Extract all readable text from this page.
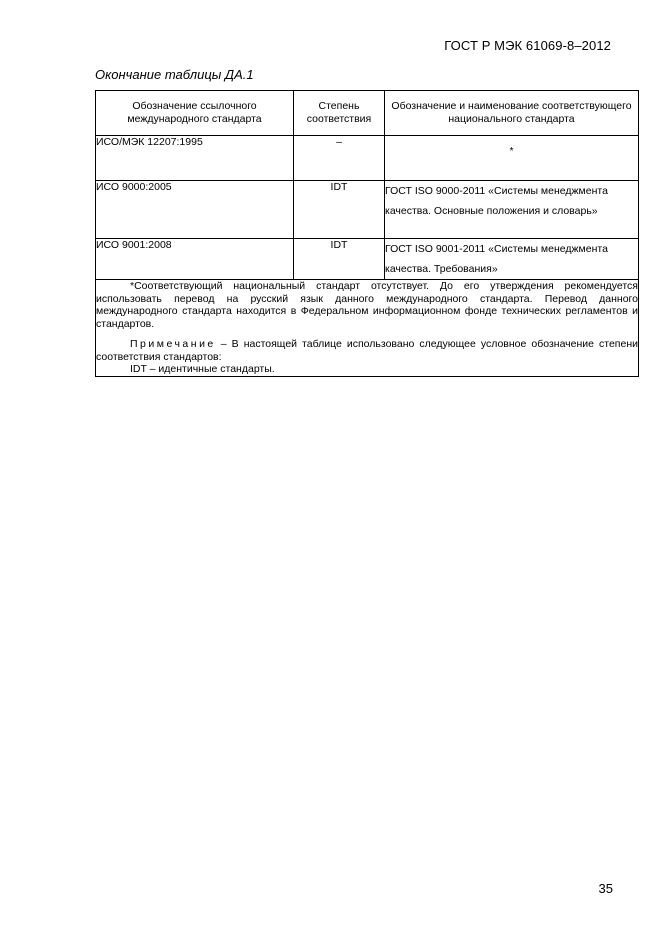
ГОСТ Р МЭК 61069-8–2012
Окончание таблицы ДА.1
Обозначение ссылочного международного стандарта	Степень соответствия	Обозначение и наименование соответствующего национального стандарта
ИСО/МЭК 12207:1995	–	*
ИСО 9000:2005	IDT	ГОСТ ISO 9000-2011 «Системы менеджмента качества. Основные положения и словарь»
ИСО 9001:2008	IDT	ГОСТ ISO 9001-2011 «Системы менеджмента качества. Требования»

*Соответствующий национальный стандарт отсутствует. До его утверждения рекомендуется использовать перевод на русский язык данного международного стандарта. Перевод данного международного стандарта находится в Федеральном информационном фонде технических регламентов и стандартов.

Примечание – В настоящей таблице использовано следующее условное обозначение степени соответствия стандартов:

IDT – идентичные стандарты.		

35
